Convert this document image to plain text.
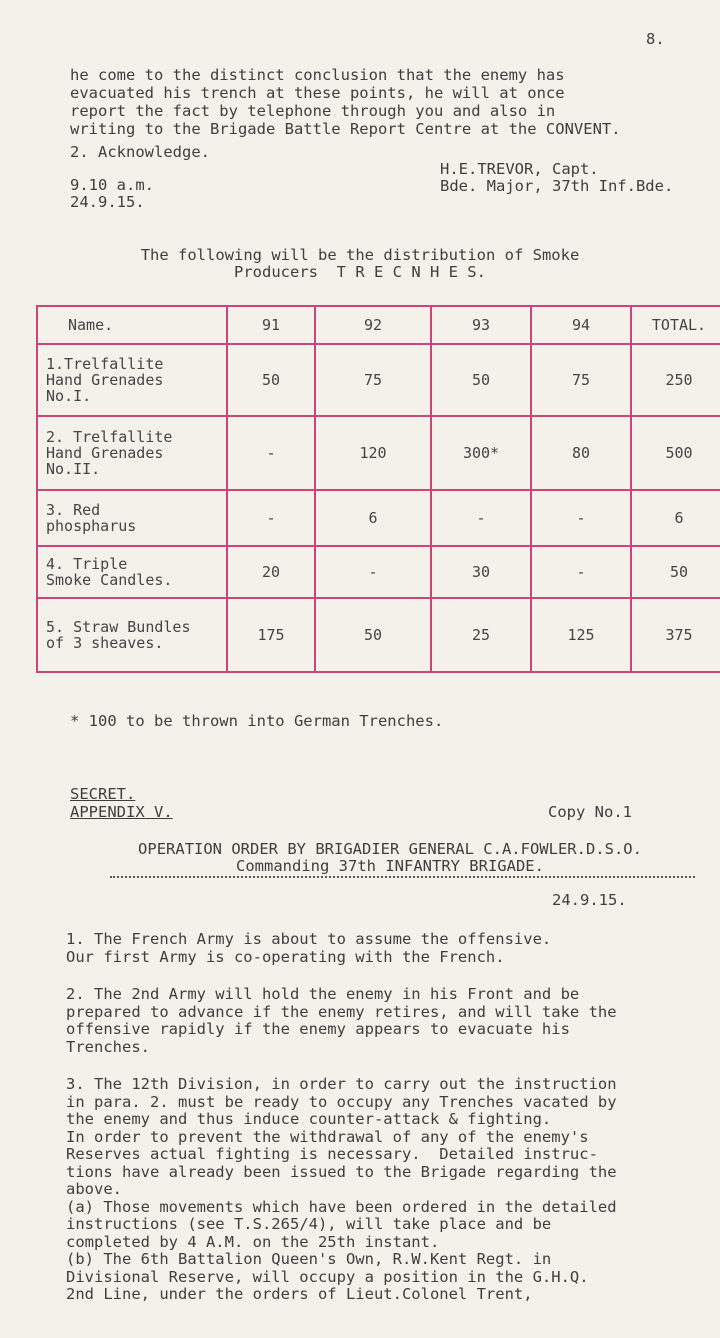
8.
he come to the distinct conclusion that the enemy has
evacuated his trench at these points, he will at once
report the fact by telephone through you and also in
writing to the Brigade Battle Report Centre at the CONVENT.
2. Acknowledge.
H.E.TREVOR, Capt.
Bde. Major, 37th Inf.Bde.
9.10 a.m.
24.9.15.
The following will be the distribution of Smoke
Producers  T R E C N H E S.
Name.	91	92	93	94	TOTAL.
1.Trelfallite
Hand Grenades
No.I.	50	75	50	75	250
2. Trelfallite
Hand Grenades
No.II.	-	120	300*	80	500
3. Red
phospharus	-	6	-	-	6
4. Triple
Smoke Candles.	20	-	30	-	50
5. Straw Bundles
of 3 sheaves.	175	50	25	125	375
* 100 to be thrown into German Trenches.
SECRET.
APPENDIX V.	Copy No.1
OPERATION ORDER BY BRIGADIER GENERAL C.A.FOWLER.D.S.O.
Commanding 37th INFANTRY BRIGADE.
24.9.15.
1. The French Army is about to assume the offensive.
Our first Army is co-operating with the French.
2. The 2nd Army will hold the enemy in his Front and be
prepared to advance if the enemy retires, and will take the
offensive rapidly if the enemy appears to evacuate his
Trenches.
3. The 12th Division, in order to carry out the instruction
in para. 2. must be ready to occupy any Trenches vacated by
the enemy and thus induce counter-attack & fighting.
In order to prevent the withdrawal of any of the enemy's
Reserves actual fighting is necessary.  Detailed instruc-
tions have already been issued to the Brigade regarding the
above.
(a) Those movements which have been ordered in the detailed
instructions (see T.S.265/4), will take place and be
completed by 4 A.M. on the 25th instant.
(b) The 6th Battalion Queen's Own, R.W.Kent Regt. in
Divisional Reserve, will occupy a position in the G.H.Q.
2nd Line, under the orders of Lieut.Colonel Trent,
